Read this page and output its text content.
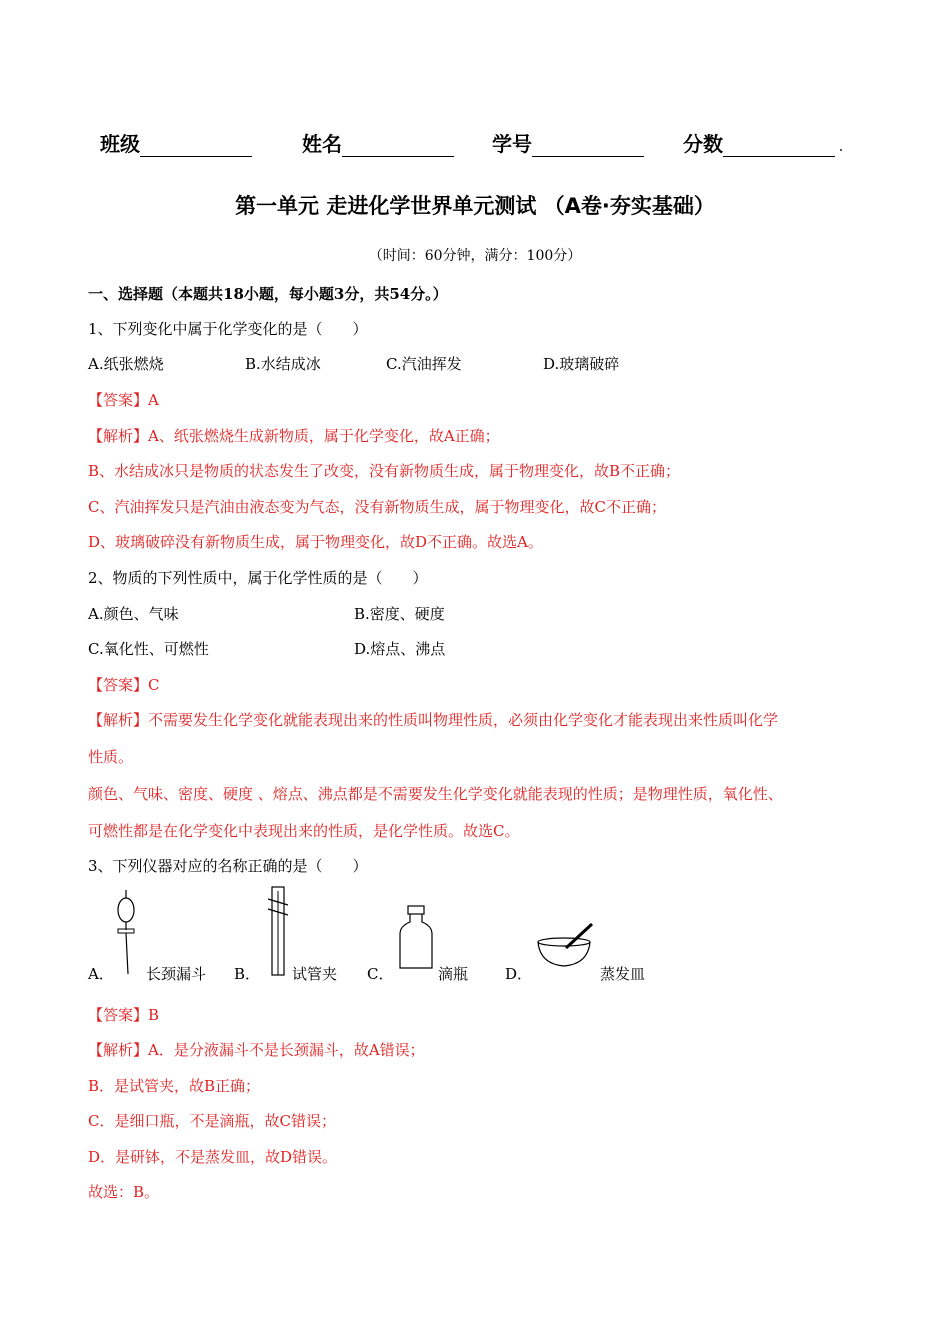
班级	姓名	学号	分数	.
第一单元 走进化学世界单元测试 （A卷·夯实基础）
（时间：60分钟，满分：100分）
一、选择题（本题共18小题，每小题3分，共54分。）
1、下列变化中属于化学变化的是（　　）
A.纸张燃烧	B.水结成冰	C.汽油挥发	D.玻璃破碎
【答案】A
【解析】A、纸张燃烧生成新物质，属于化学变化，故A正确；
B、水结成冰只是物质的状态发生了改变，没有新物质生成，属于物理变化，故B不正确；
C、汽油挥发只是汽油由液态变为气态，没有新物质生成，属于物理变化，故C不正确；
D、玻璃破碎没有新物质生成，属于物理变化，故D不正确。故选A。
2、物质的下列性质中，属于化学性质的是（　　）
A.颜色、气味	B.密度、硬度
C.氧化性、可燃性	D.熔点、沸点
【答案】C
【解析】不需要发生化学变化就能表现出来的性质叫物理性质，必须由化学变化才能表现出来性质叫化学
性质。
颜色、气味、密度、硬度 、熔点、沸点都是不需要发生化学变化就能表现的性质；是物理性质，氧化性、
可燃性都是在化学变化中表现出来的性质，是化学性质。故选C。
3、下列仪器对应的名称正确的是（　　）
A． 长颈漏斗 B． 试管夹 C．	滴瓶 D．	蒸发皿
【答案】B
【解析】A．是分液漏斗不是长颈漏斗，故A错误；
B．是试管夹，故B正确；
C．是细口瓶，不是滴瓶，故C错误；
D．是研钵，不是蒸发皿，故D错误。
故选：B。
